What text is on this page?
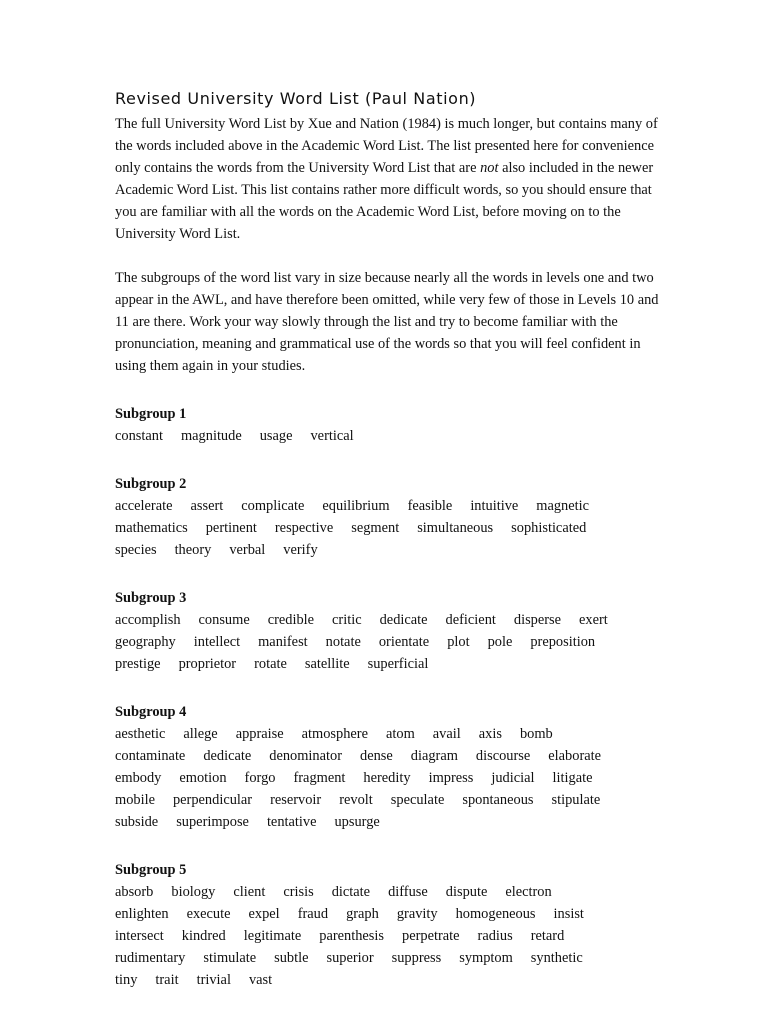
Revised University Word List (Paul Nation)

The full University Word List by Xue and Nation (1984) is much longer, but contains many of the words included above in the Academic Word List. The list presented here for convenience only contains the words from the University Word List that are not also included in the newer Academic Word List. This list contains rather more difficult words, so you should ensure that you are familiar with all the words on the Academic Word List, before moving on to the University Word List.

The subgroups of the word list vary in size because nearly all the words in levels one and two appear in the AWL, and have therefore been omitted, while very few of those in Levels 10 and 11 are there. Work your way slowly through the list and try to become familiar with the pronunciation, meaning and grammatical use of the words so that you will feel confident in using them again in your studies.

Subgroup 1
constant magnitude usage vertical
Subgroup 2
accelerate assert complicate equilibrium feasible intuitive magnetic
mathematics pertinent respective segment simultaneous sophisticated
species theory verbal verify
Subgroup 3
accomplish consume credible critic dedicate deficient disperse exert
geography intellect manifest notate orientate plot pole preposition
prestige proprietor rotate satellite superficial
Subgroup 4
aesthetic allege appraise atmosphere atom avail axis bomb
contaminate dedicate denominator dense diagram discourse elaborate
embody emotion forgo fragment heredity impress judicial litigate
mobile perpendicular reservoir revolt speculate spontaneous stipulate
subside superimpose tentative upsurge
Subgroup 5
absorb biology client crisis dictate diffuse dispute electron
enlighten execute expel fraud graph gravity homogeneous insist
intersect kindred legitimate parenthesis perpetrate radius retard
rudimentary stimulate subtle superior suppress symptom synthetic
tiny trait trivial vast
